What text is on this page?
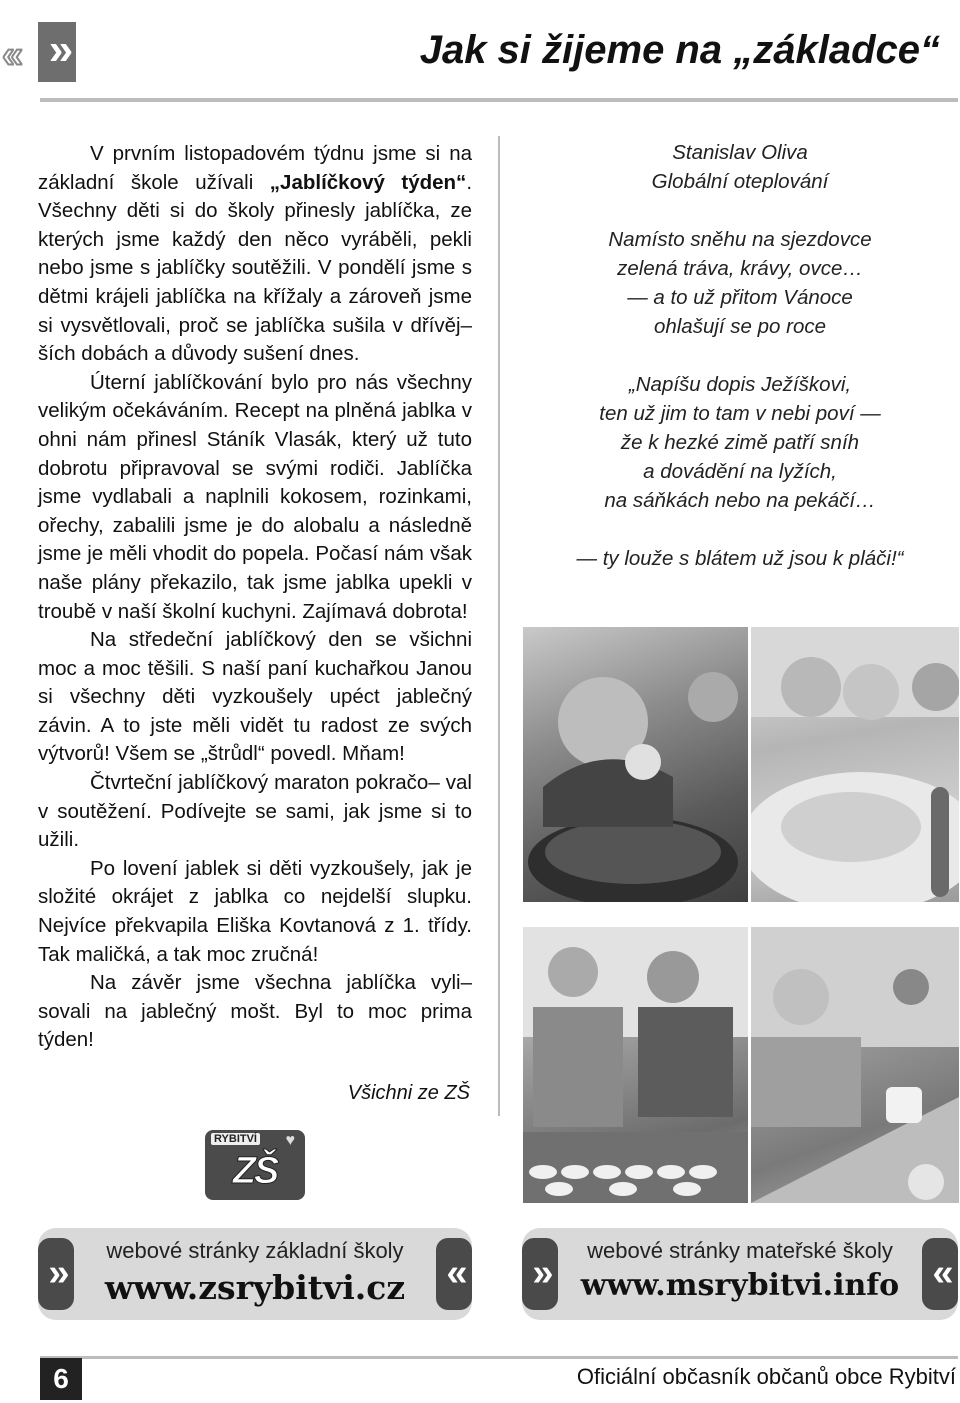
« »	Jak si žijeme na „základce“

V prvním listopadovém týdnu jsme si na základní škole užívali „Jablíčkový týden“. Všechny děti si do školy přinesly jablíčka, ze kterých jsme každý den něco vyráběli, pekli nebo jsme s jablíčky soutěžili. V pondělí jsme s dětmi krájeli jablíčka na křížaly a zároveň jsme si vysvětlovali, proč se jablíčka sušila v dřívěj– ších dobách a důvody sušení dnes.

Úterní jablíčkování bylo pro nás všechny velikým očekáváním. Recept na plněná jablka v ohni nám přinesl Stáník Vlasák, který už tuto dobrotu připravoval se svými rodiči. Jablíčka jsme vydlabali a naplnili kokosem, rozinkami, ořechy, zabalili jsme je do alobalu a následně jsme je měli vhodit do popela. Počasí nám však naše plány překazilo, tak jsme jablka upekli v troubě v naší školní kuchyni. Zajímavá dobrota!

Na středeční jablíčkový den se všichni moc a moc těšili. S naší paní kuchařkou Janou si všechny děti vyzkoušely upéct jablečný závin. A to jste měli vidět tu radost ze svých výtvorů! Všem se „štrůdl“ povedl. Mňam!

Čtvrteční jablíčkový maraton pokračo– val v soutěžení. Podívejte se sami, jak jsme si to užili.

Po lovení jablek si děti vyzkoušely, jak je složité okrájet z jablka co nejdelší slupku. Nejvíce překvapila Eliška Kovtanová z 1. třídy. Tak maličká, a tak moc zručná!

Na závěr jsme všechna jablíčka vyli– sovali na jablečný mošt. Byl to moc prima týden!

Všichni ze ZŠ
Stanislav Oliva
Globální oteplování
Namísto sněhu na sjezdovce
zelená tráva, krávy, ovce…
— a to už přitom Vánoce
ohlašují se po roce
„Napíšu dopis Ježíškovi,
ten už jim to tam v nebi poví —
že k hezké zimě patří sníh
a dovádění na lyžích,
na sáňkách nebo na pekáčí…
— ty louže s blátem už jsou k pláči!“
RYBITVÍ ♥
ZŠ
»
webové stránky základní školy
www.zsrybitvi.cz	« »
webové stránky mateřské školy
www.msrybitvi.info «
6	Oficiální občasník občanů obce Rybitví
